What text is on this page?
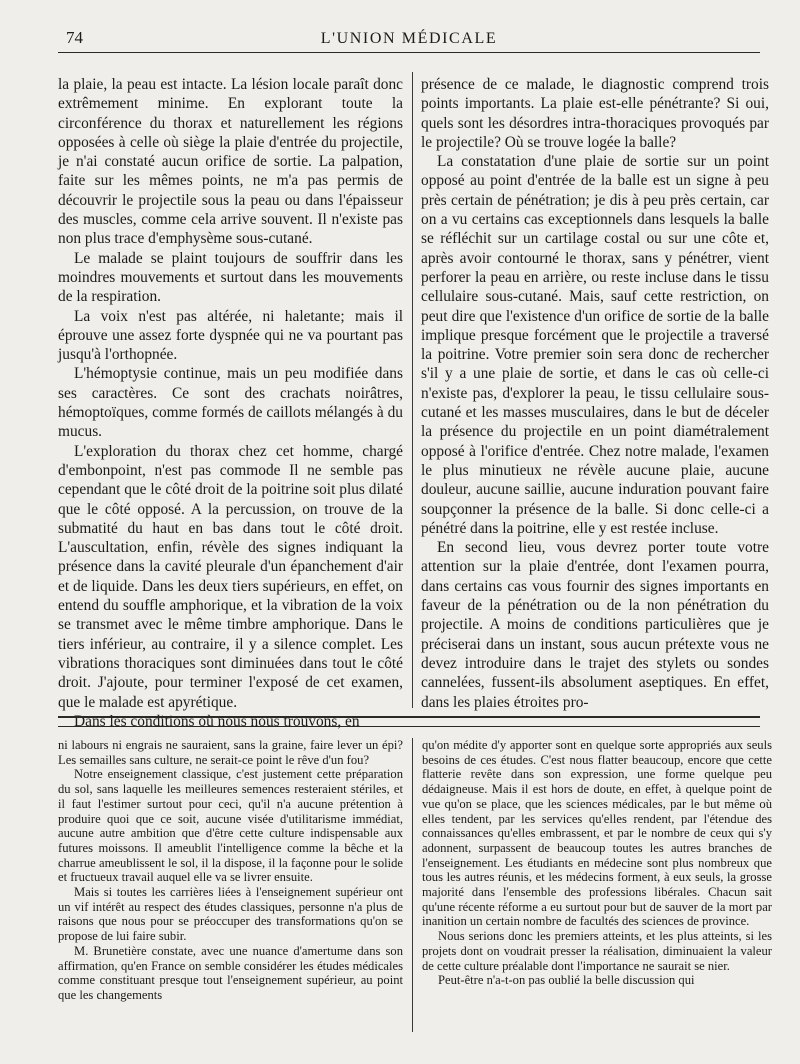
74	L'UNION MÉDICALE

la plaie, la peau est intacte. La lésion locale paraît donc extrêmement minime. En explorant toute la circonférence du thorax et naturellement les régions opposées à celle où siège la plaie d'entrée du projectile, je n'ai constaté aucun orifice de sortie. La palpation, faite sur les mêmes points, ne m'a pas permis de découvrir le projectile sous la peau ou dans l'épaisseur des muscles, comme cela arrive souvent. Il n'existe pas non plus trace d'emphysème sous-cutané.

Le malade se plaint toujours de souffrir dans les moindres mouvements et surtout dans les mouvements de la respiration.

La voix n'est pas altérée, ni haletante; mais il éprouve une assez forte dyspnée qui ne va pourtant pas jusqu'à l'orthopnée.

L'hémoptysie continue, mais un peu modifiée dans ses caractères. Ce sont des crachats noirâtres, hémoptoïques, comme formés de caillots mélangés à du mucus.

L'exploration du thorax chez cet homme, chargé d'embonpoint, n'est pas commode Il ne semble pas cependant que le côté droit de la poitrine soit plus dilaté que le côté opposé. A la percussion, on trouve de la submatité du haut en bas dans tout le côté droit. L'auscultation, enfin, révèle des signes indiquant la présence dans la cavité pleurale d'un épanchement d'air et de liquide. Dans les deux tiers supérieurs, en effet, on entend du souffle amphorique, et la vibration de la voix se transmet avec le même timbre amphorique. Dans le tiers inférieur, au contraire, il y a silence complet. Les vibrations thoraciques sont diminuées dans tout le côté droit. J'ajoute, pour terminer l'exposé de cet examen, que le malade est apyrétique.

Dans les conditions où nous nous trouvons, en

présence de ce malade, le diagnostic comprend trois points importants. La plaie est-elle pénétrante? Si oui, quels sont les désordres intra-thoraciques provoqués par le projectile? Où se trouve logée la balle?

La constatation d'une plaie de sortie sur un point opposé au point d'entrée de la balle est un signe à peu près certain de pénétration; je dis à peu près certain, car on a vu certains cas exceptionnels dans lesquels la balle se réfléchit sur un cartilage costal ou sur une côte et, après avoir contourné le thorax, sans y pénétrer, vient perforer la peau en arrière, ou reste incluse dans le tissu cellulaire sous-cutané. Mais, sauf cette restriction, on peut dire que l'existence d'un orifice de sortie de la balle implique presque forcément que le projectile a traversé la poitrine. Votre premier soin sera donc de rechercher s'il y a une plaie de sortie, et dans le cas où celle-ci n'existe pas, d'explorer la peau, le tissu cellulaire sous-cutané et les masses musculaires, dans le but de déceler la présence du projectile en un point diamétralement opposé à l'orifice d'entrée. Chez notre malade, l'examen le plus minutieux ne révèle aucune plaie, aucune douleur, aucune saillie, aucune induration pouvant faire soupçonner la présence de la balle. Si donc celle-ci a pénétré dans la poitrine, elle y est restée incluse.

En second lieu, vous devrez porter toute votre attention sur la plaie d'entrée, dont l'examen pourra, dans certains cas vous fournir des signes importants en faveur de la pénétration ou de la non pénétration du projectile. A moins de conditions particulières que je préciserai dans un instant, sous aucun prétexte vous ne devez introduire dans le trajet des stylets ou sondes cannelées, fussent-ils absolument aseptiques. En effet, dans les plaies étroites pro-

ni labours ni engrais ne sauraient, sans la graine, faire lever un épi? Les semailles sans culture, ne serait-ce point le rêve d'un fou?

Notre enseignement classique, c'est justement cette préparation du sol, sans laquelle les meilleures semences resteraient stériles, et il faut l'estimer surtout pour ceci, qu'il n'a aucune prétention à produire quoi que ce soit, aucune visée d'utilitarisme immédiat, aucune autre ambition que d'être cette culture indispensable aux futures moissons. Il ameublit l'intelligence comme la bêche et la charrue ameublissent le sol, il la dispose, il la façonne pour le solide et fructueux travail auquel elle va se livrer ensuite.

Mais si toutes les carrières liées à l'enseignement supérieur ont un vif intérêt au respect des études classiques, personne n'a plus de raisons que nous pour se préoccuper des transformations qu'on se propose de lui faire subir.

M. Brunetière constate, avec une nuance d'amertume dans son affirmation, qu'en France on semble considérer les études médicales comme constituant presque tout l'enseignement supérieur, au point que les changements

qu'on médite d'y apporter sont en quelque sorte appropriés aux seuls besoins de ces études. C'est nous flatter beaucoup, encore que cette flatterie revête dans son expression, une forme quelque peu dédaigneuse. Mais il est hors de doute, en effet, à quelque point de vue qu'on se place, que les sciences médicales, par le but même où elles tendent, par les services qu'elles rendent, par l'étendue des connaissances qu'elles embrassent, et par le nombre de ceux qui s'y adonnent, surpassent de beaucoup toutes les autres branches de l'enseignement. Les étudiants en médecine sont plus nombreux que tous les autres réunis, et les médecins forment, à eux seuls, la grosse majorité dans l'ensemble des professions libérales. Chacun sait qu'une récente réforme a eu surtout pour but de sauver de la mort par inanition un certain nombre de facultés des sciences de province.

Nous serions donc les premiers atteints, et les plus atteints, si les projets dont on voudrait presser la réalisation, diminuaient la valeur de cette culture préalable dont l'importance ne saurait se nier.

Peut-être n'a-t-on pas oublié la belle discussion qui
